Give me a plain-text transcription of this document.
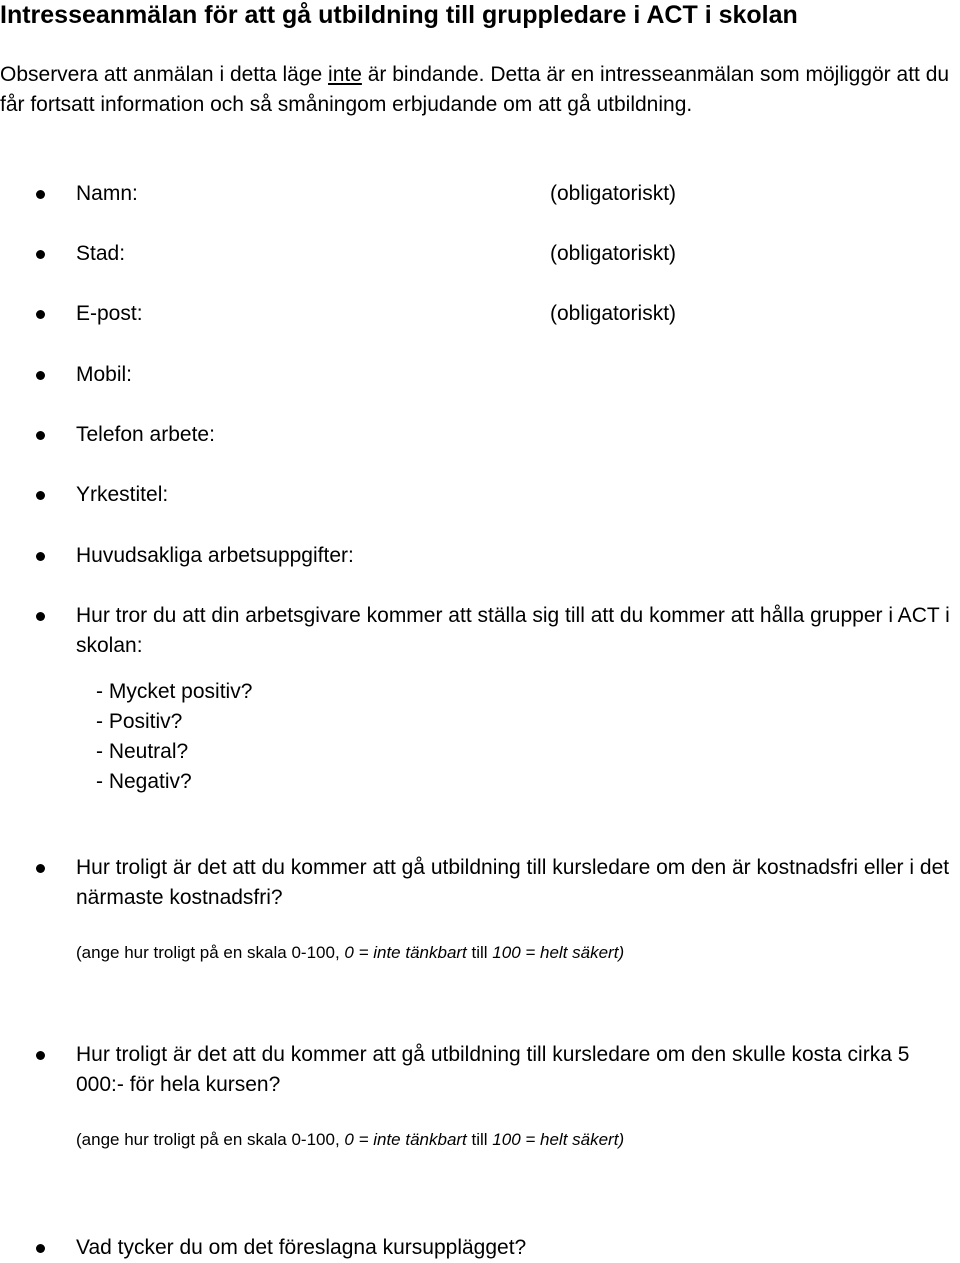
Intresseanmälan för att gå utbildning till gruppledare i ACT i skolan
Observera att anmälan i detta läge inte är bindande. Detta är en intresseanmälan som möjliggör att du får fortsatt information och så småningom erbjudande om att gå utbildning.
Namn:	(obligatoriskt)
Stad:	(obligatoriskt)
E-post:	(obligatoriskt)
Mobil:
Telefon arbete:
Yrkestitel:
Huvudsakliga arbetsuppgifter:
Hur tror du att din arbetsgivare kommer att ställa sig till att du kommer att hålla grupper i ACT i skolan:
- Mycket positiv?
- Positiv?
- Neutral?
- Negativ?
Hur troligt är det att du kommer att gå utbildning till kursledare om den är kostnadsfri eller i det närmaste kostnadsfri?
(ange hur troligt på en skala 0-100, 0 = inte tänkbart till 100 = helt säkert)
Hur troligt är det att du kommer att gå utbildning till kursledare om den skulle kosta cirka 5 000:- för hela kursen?
(ange hur troligt på en skala 0-100, 0 = inte tänkbart till 100 = helt säkert)
Vad tycker du om det föreslagna kursupplägget?
